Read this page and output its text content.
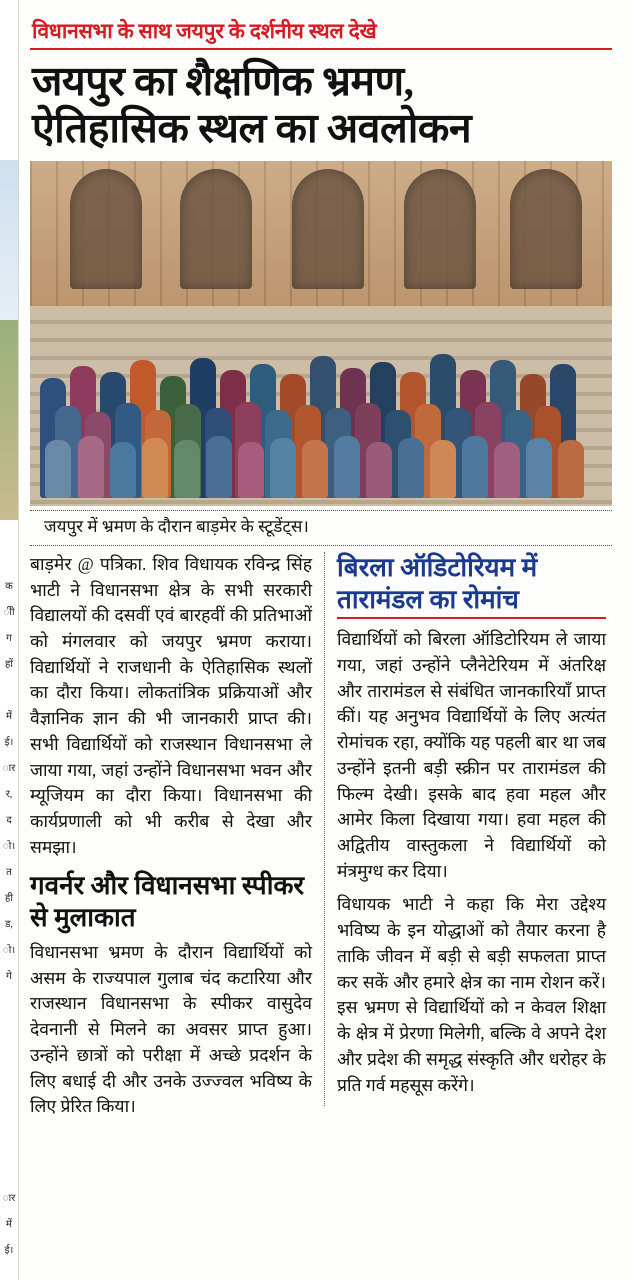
क
ीी
ग
हों
में
ई।
ार
र,
द
ो।
त
ही
ड,
ो।
गे
ार
में
ई।
विधानसभा के साथ जयपुर के दर्शनीय स्थल देखे
जयपुर का शैक्षणिक भ्रमण,
ऐतिहासिक स्थल का अवलोकन
जयपुर में भ्रमण के दौरान बाड़मेर के स्टूडेंट्स।

बाड़मेर @ पत्रिका. शिव विधायक रविन्द्र सिंह भाटी ने विधानसभा क्षेत्र के सभी सरकारी विद्यालयों की दसवीं एवं बारहवीं की प्रतिभाओं को मंगलवार को जयपुर भ्रमण कराया। विद्यार्थियों ने राजधानी के ऐतिहासिक स्थलों का दौरा किया। लोकतांत्रिक प्रक्रियाओं और वैज्ञानिक ज्ञान की भी जानकारी प्राप्त की। सभी विद्यार्थियों को राजस्थान विधानसभा ले जाया गया, जहां उन्होंने विधानसभा भवन और म्यूजियम का दौरा किया। विधानसभा की कार्यप्रणाली को भी करीब से देखा और समझा।

गवर्नर और विधानसभा स्पीकर से मुलाकात

विधानसभा भ्रमण के दौरान विद्यार्थियों को असम के राज्यपाल गुलाब चंद कटारिया और राजस्थान विधानसभा के स्पीकर वासुदेव देवनानी से मिलने का अवसर प्राप्त हुआ। उन्होंने छात्रों को परीक्षा में अच्छे प्रदर्शन के लिए बधाई दी और उनके उज्ज्वल भविष्य के लिए प्रेरित किया।

बिरला ऑडिटोरियम में
तारामंडल का रोमांच

विद्यार्थियों को बिरला ऑडिटोरियम ले जाया गया, जहां उन्होंने प्लैनेटेरियम में अंतरिक्ष और तारामंडल से संबंधित जानकारियाँ प्राप्त कीं। यह अनुभव विद्यार्थियों के लिए अत्यंत रोमांचक रहा, क्योंकि यह पहली बार था जब उन्होंने इतनी बड़ी स्क्रीन पर तारामंडल की फिल्म देखी। इसके बाद हवा महल और आमेर किला दिखाया गया। हवा महल की अद्वितीय वास्तुकला ने विद्यार्थियों को मंत्रमुग्ध कर दिया।

विधायक भाटी ने कहा कि मेरा उद्देश्य भविष्य के इन योद्धाओं को तैयार करना है ताकि जीवन में बड़ी से बड़ी सफलता प्राप्त कर सकें और हमारे क्षेत्र का नाम रोशन करें। इस भ्रमण से विद्यार्थियों को न केवल शिक्षा के क्षेत्र में प्रेरणा मिलेगी, बल्कि वे अपने देश और प्रदेश की समृद्ध संस्कृति और धरोहर के प्रति गर्व महसूस करेंगे।
